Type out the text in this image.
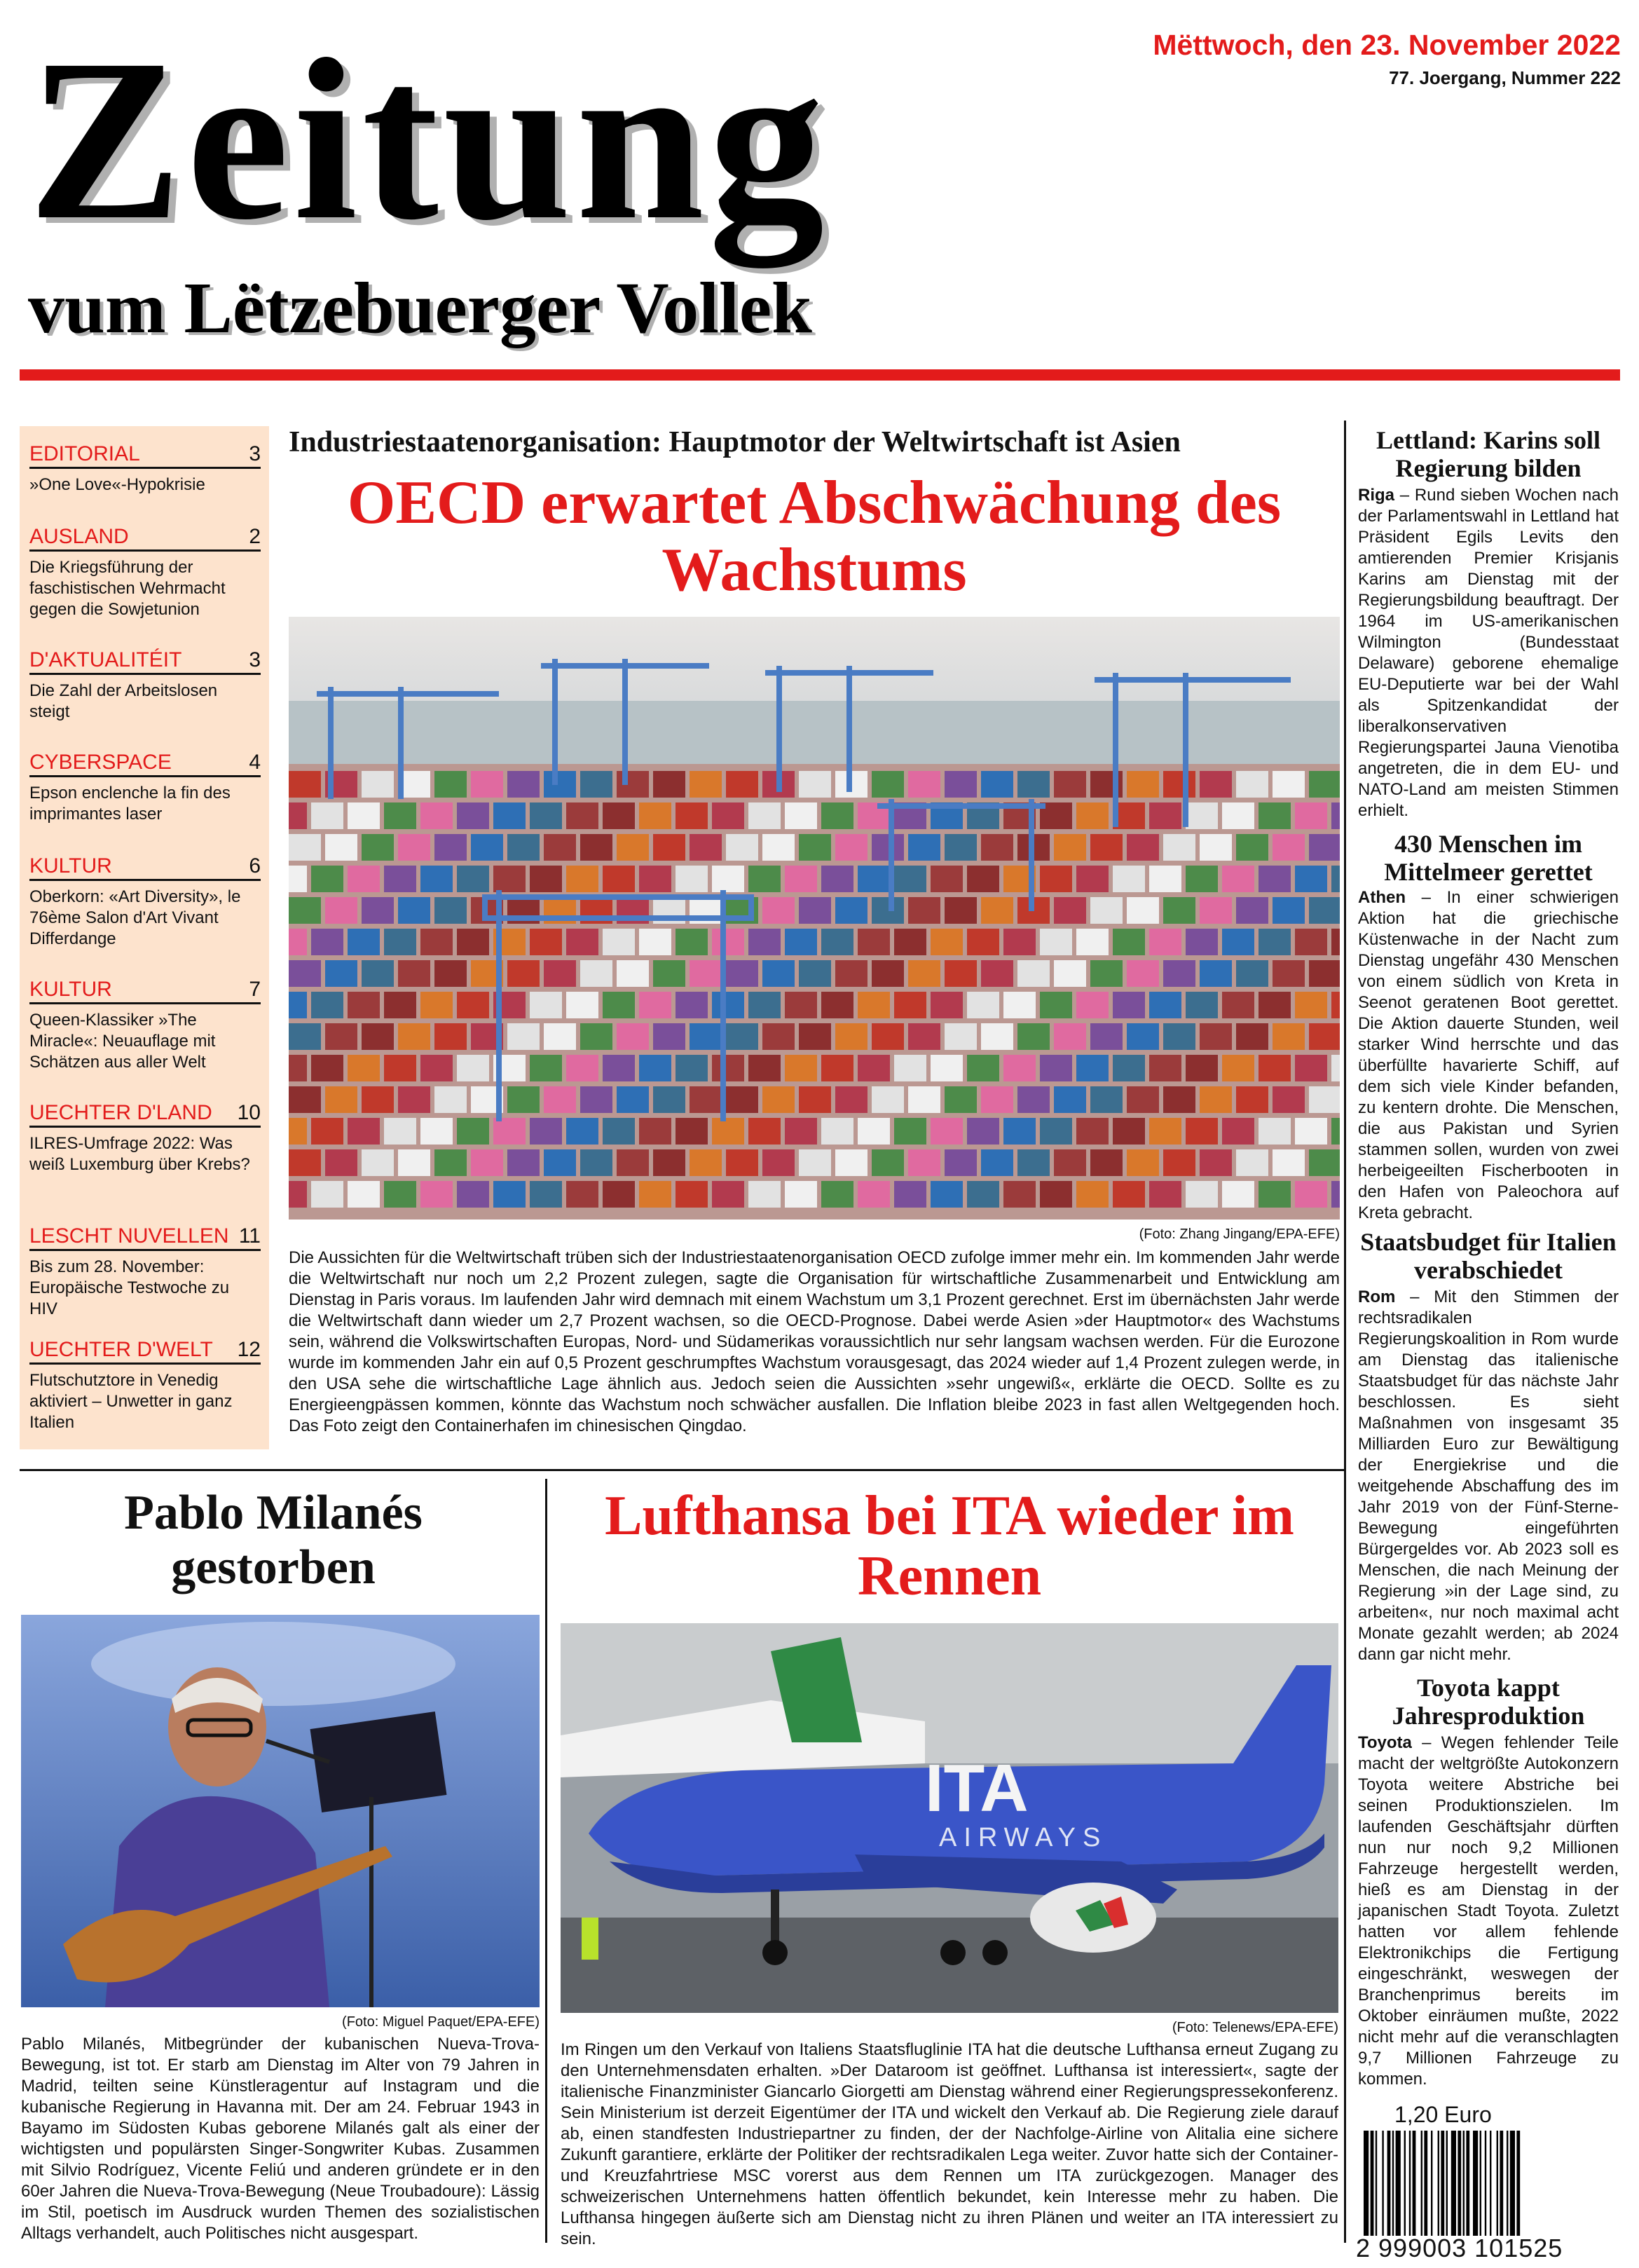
Zeitung
vum Lëtzebuerger Vollek
Mëttwoch, den 23. November 2022
77. Joergang, Nummer 222
EDITORIAL	3
»One Love«-Hypokrisie
AUSLAND	2
Die Kriegsführung der faschistischen Wehrmacht gegen die Sowjetunion
D'AKTUALITÉIT	3
Die Zahl der Arbeitslosen steigt
CYBERSPACE	4
Epson enclenche la fin des imprimantes laser
KULTUR	6
Oberkorn: «Art Diversity», le 76ème Salon d'Art Vivant Differdange
KULTUR	7
Queen-Klassiker »The Miracle«: Neuauflage mit Schätzen aus aller Welt
UECHTER D'LAND 10
ILRES-Umfrage 2022: Was weiß Luxemburg über Krebs?
LESCHT NUVELLEN 11
Bis zum 28. November: Europäische Testwoche zu HIV
UECHTER D'WELT 12
Flutschutztore in Venedig aktiviert – Unwetter in ganz Italien
Industriestaatenorganisation: Hauptmotor der Weltwirtschaft ist Asien
OECD erwartet Abschwächung des Wachstums
(Foto: Zhang Jingang/EPA-EFE)
Die Aussichten für die Weltwirtschaft trüben sich der Industriestaatenorganisation OECD zufolge immer mehr ein. Im kommenden Jahr werde die Weltwirtschaft nur noch um 2,2 Prozent zulegen, sagte die Organisation für wirtschaftliche Zusammenarbeit und Entwicklung am Dienstag in Paris voraus. Im laufenden Jahr wird demnach mit einem Wachstum um 3,1 Prozent gerechnet. Erst im übernächsten Jahr werde die Weltwirtschaft dann wieder um 2,7 Prozent wachsen, so die OECD-Prognose. Dabei werde Asien »der Hauptmotor« des Wachstums sein, während die Volkswirtschaften Europas, Nord- und Südamerikas voraussichtlich nur sehr langsam wachsen werden. Für die Eurozone wurde im kommenden Jahr ein auf 0,5 Prozent geschrumpftes Wachstum vorausgesagt, das 2024 wieder auf 1,4 Prozent zulegen werde, in den USA sehe die wirtschaftliche Lage ähnlich aus. Jedoch seien die Aussichten »sehr ungewiß«, erklärte die OECD. Sollte es zu Energieengpässen kommen, könnte das Wachstum noch schwächer ausfallen. Die Inflation bleibe 2023 in fast allen Weltgegenden hoch. Das Foto zeigt den Containerhafen im chinesischen Qingdao.
Lettland: Karins soll Regierung bilden
Riga – Rund sieben Wochen nach der Parlamentswahl in Lettland hat Präsident Egils Levits den amtierenden Premier Krisjanis Karins am Dienstag mit der Regierungsbildung beauftragt. Der 1964 im US-amerikanischen Wilmington (Bundesstaat Delaware) geborene ehemalige EU-Deputierte war bei der Wahl als Spitzenkandidat der liberalkonservativen Regierungspartei Jauna Vienotiba angetreten, die in dem EU- und NATO-Land am meisten Stimmen erhielt.
430 Menschen im Mittelmeer gerettet
Athen – In einer schwierigen Aktion hat die griechische Küstenwache in der Nacht zum Dienstag ungefähr 430 Menschen von einem südlich von Kreta in Seenot geratenen Boot gerettet. Die Aktion dauerte Stunden, weil starker Wind herrschte und das überfüllte havarierte Schiff, auf dem sich viele Kinder befanden, zu kentern drohte. Die Menschen, die aus Pakistan und Syrien stammen sollen, wurden von zwei herbeigeeilten Fischerbooten in den Hafen von Paleochora auf Kreta gebracht.
Staatsbudget für Italien verabschiedet
Rom – Mit den Stimmen der rechtsradikalen Regierungskoalition in Rom wurde am Dienstag das italienische Staatsbudget für das nächste Jahr beschlossen. Es sieht Maßnahmen von insgesamt 35 Milliarden Euro zur Bewältigung der Energiekrise und die weitgehende Abschaffung des im Jahr 2019 von der Fünf-Sterne-Bewegung eingeführten Bürgergeldes vor. Ab 2023 soll es Menschen, die nach Meinung der Regierung »in der Lage sind, zu arbeiten«, nur noch maximal acht Monate gezahlt werden; ab 2024 dann gar nicht mehr.
Toyota kappt Jahresproduktion
Toyota – Wegen fehlender Teile macht der weltgrößte Autokonzern Toyota weitere Abstriche bei seinen Produktionszielen. Im laufenden Geschäftsjahr dürften nun nur noch 9,2 Millionen Fahrzeuge hergestellt werden, hieß es am Dienstag in der japanischen Stadt Toyota. Zuletzt hatten vor allem fehlende Elektronikchips die Fertigung eingeschränkt, weswegen der Branchenprimus bereits im Oktober einräumen mußte, 2022 nicht mehr auf die veranschlagten 9,7 Millionen Fahrzeuge zu kommen.
Pablo Milanés gestorben
(Foto: Miguel Paquet/EPA-EFE)
Pablo Milanés, Mitbegründer der kubanischen Nueva-Trova-Bewegung, ist tot. Er starb am Dienstag im Alter von 79 Jahren in Madrid, teilten seine Künstleragentur auf Instagram und die kubanische Regierung in Havanna mit. Der am 24. Februar 1943 in Bayamo im Südosten Kubas geborene Milanés galt als einer der wichtigsten und populärsten Singer-Songwriter Kubas. Zusammen mit Silvio Rodríguez, Vicente Feliú und anderen gründete er in den 60er Jahren die Nueva-Trova-Bewegung (Neue Troubadoure): Lässig im Stil, poetisch im Ausdruck wurden Themen des sozialistischen Alltags verhandelt, auch Politisches nicht ausgespart.
Lufthansa bei ITA wieder im Rennen
ITA
AIRWAYS
(Foto: Telenews/EPA-EFE)
Im Ringen um den Verkauf von Italiens Staatsfluglinie ITA hat die deutsche Lufthansa erneut Zugang zu den Unternehmensdaten erhalten. »Der Dataroom ist geöffnet. Lufthansa ist interessiert«, sagte der italienische Finanzminister Giancarlo Giorgetti am Dienstag während einer Regierungspressekonferenz. Sein Ministerium ist derzeit Eigentümer der ITA und wickelt den Verkauf ab. Die Regierung ziele darauf ab, einen standfesten Industriepartner zu finden, der der Nachfolge-Airline von Alitalia eine sichere Zukunft garantiere, erklärte der Politiker der rechtsradikalen Lega weiter. Zuvor hatte sich der Container- und Kreuzfahrtriese MSC vorerst aus dem Rennen um ITA zurückgezogen. Manager des schweizerischen Unternehmens hatten öffentlich bekundet, kein Interesse mehr zu haben. Die Lufthansa hingegen äußerte sich am Dienstag nicht zu ihren Plänen und weiter an ITA interessiert zu sein.
1,20 Euro
2 999003 101525
